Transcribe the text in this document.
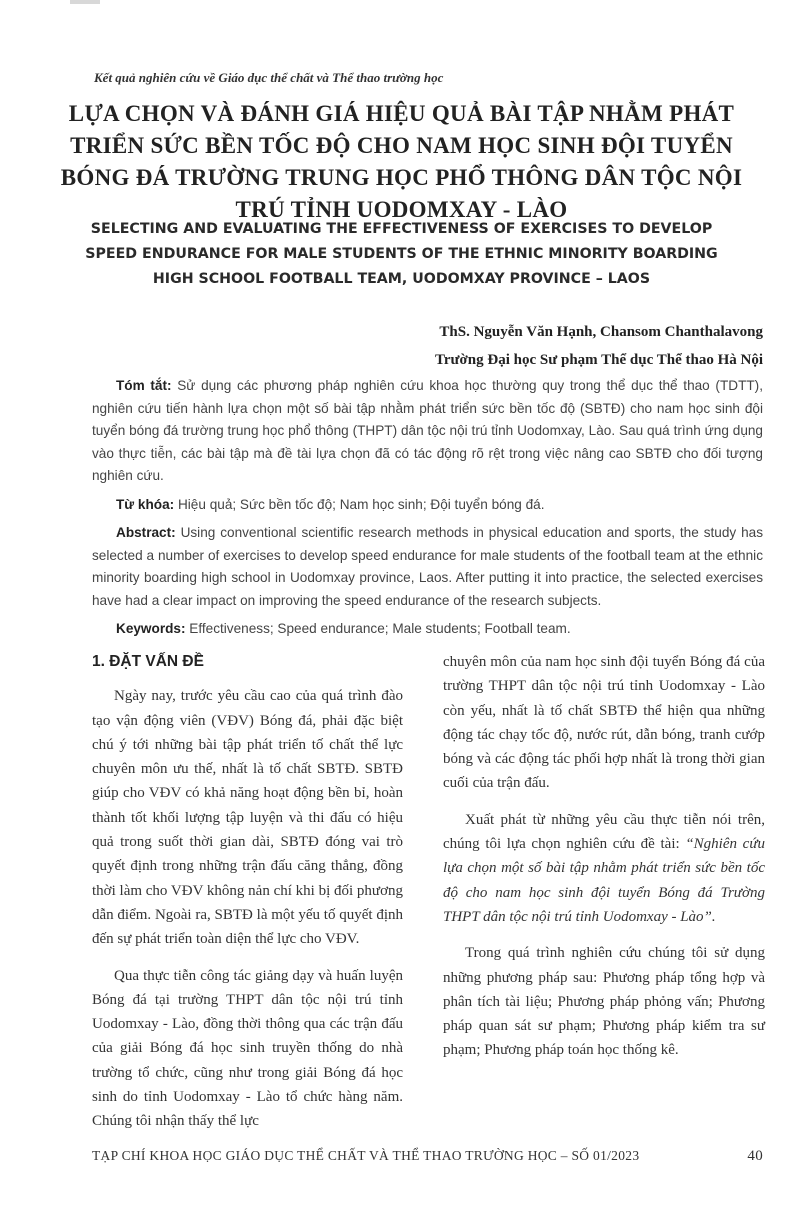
Kết quả nghiên cứu về Giáo dục thể chất và Thể thao trường học
LỰA CHỌN VÀ ĐÁNH GIÁ HIỆU QUẢ BÀI TẬP NHẰM PHÁT TRIỂN SỨC BỀN TỐC ĐỘ CHO NAM HỌC SINH ĐỘI TUYỂN BÓNG ĐÁ TRƯỜNG TRUNG HỌC PHỔ THÔNG DÂN TỘC NỘI TRÚ TỈNH UODOMXAY - LÀO
SELECTING AND EVALUATING THE EFFECTIVENESS OF EXERCISES TO DEVELOP SPEED ENDURANCE FOR MALE STUDENTS OF THE ETHNIC MINORITY BOARDING HIGH SCHOOL FOOTBALL TEAM, UODOMXAY PROVINCE – LAOS
ThS. Nguyễn Văn Hạnh, Chansom Chanthalavong
Trường Đại học Sư phạm Thể dục Thể thao Hà Nội

Tóm tắt: Sử dụng các phương pháp nghiên cứu khoa học thường quy trong thể dục thể thao (TDTT), nghiên cứu tiến hành lựa chọn một số bài tập nhằm phát triển sức bền tốc độ (SBTĐ) cho nam học sinh đội tuyển bóng đá trường trung học phổ thông (THPT) dân tộc nội trú tỉnh Uodomxay, Lào. Sau quá trình ứng dụng vào thực tiễn, các bài tập mà đề tài lựa chọn đã có tác động rõ rệt trong việc nâng cao SBTĐ cho đối tượng nghiên cứu.

Từ khóa: Hiệu quả; Sức bền tốc độ; Nam học sinh; Đội tuyển bóng đá.

Abstract: Using conventional scientific research methods in physical education and sports, the study has selected a number of exercises to develop speed endurance for male students of the football team at the ethnic minority boarding high school in Uodomxay province, Laos. After putting it into practice, the selected exercises have had a clear impact on improving the speed endurance of the research subjects.

Keywords: Effectiveness; Speed endurance; Male students; Football team.

1. ĐẶT VẤN ĐỀ

Ngày nay, trước yêu cầu cao của quá trình đào tạo vận động viên (VĐV) Bóng đá, phải đặc biệt chú ý tới những bài tập phát triển tố chất thể lực chuyên môn ưu thế, nhất là tố chất SBTĐ. SBTĐ giúp cho VĐV có khả năng hoạt động bền bỉ, hoàn thành tốt khối lượng tập luyện và thi đấu có hiệu quả trong suốt thời gian dài, SBTĐ đóng vai trò quyết định trong những trận đấu căng thẳng, đồng thời làm cho VĐV không nản chí khi bị đối phương dẫn điểm. Ngoài ra, SBTĐ là một yếu tố quyết định đến sự phát triển toàn diện thể lực cho VĐV.

Qua thực tiễn công tác giảng dạy và huấn luyện Bóng đá tại trường THPT dân tộc nội trú tỉnh Uodomxay - Lào, đồng thời thông qua các trận đấu của giải Bóng đá học sinh truyền thống do nhà trường tổ chức, cũng như trong giải Bóng đá học sinh do tỉnh Uodomxay - Lào tổ chức hàng năm. Chúng tôi nhận thấy thể lực

chuyên môn của nam học sinh đội tuyển Bóng đá của trường THPT dân tộc nội trú tỉnh Uodomxay - Lào còn yếu, nhất là tố chất SBTĐ thể hiện qua những động tác chạy tốc độ, nước rút, dẫn bóng, tranh cướp bóng và các động tác phối hợp nhất là trong thời gian cuối của trận đấu.

Xuất phát từ những yêu cầu thực tiễn nói trên, chúng tôi lựa chọn nghiên cứu đề tài: “Nghiên cứu lựa chọn một số bài tập nhằm phát triển sức bền tốc độ cho nam học sinh đội tuyển Bóng đá Trường THPT dân tộc nội trú tỉnh Uodomxay - Lào”.

Trong quá trình nghiên cứu chúng tôi sử dụng những phương pháp sau: Phương pháp tổng hợp và phân tích tài liệu; Phương pháp phỏng vấn; Phương pháp quan sát sư phạm; Phương pháp kiểm tra sư phạm; Phương pháp toán học thống kê.

TẠP CHÍ KHOA HỌC GIÁO DỤC THỂ CHẤT VÀ THỂ THAO TRƯỜNG HỌC – SỐ 01/2023	40
